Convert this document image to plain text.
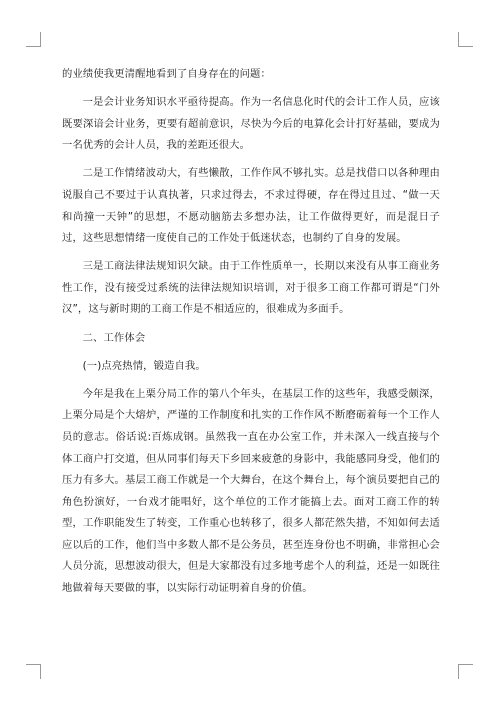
的业绩使我更清醒地看到了自身存在的问题：

一是会计业务知识水平亟待提高。作为一名信息化时代的会计工作人员，应该既要深谙会计业务，更要有超前意识，尽快为今后的电算化会计打好基础，要成为一名优秀的会计人员，我的差距还很大。

二是工作情绪波动大，有些懒散，工作作风不够扎实。总是找借口以各种理由说服自己不要过于认真执著，只求过得去，不求过得硬，存在得过且过、“做一天和尚撞一天钟”的思想，不愿动脑筋去多想办法，让工作做得更好，而是混日子过，这些思想情绪一度使自己的工作处于低迷状态，也制约了自身的发展。

三是工商法律法规知识欠缺。由于工作性质单一，长期以来没有从事工商业务性工作，没有接受过系统的法律法规知识培训，对于很多工商工作都可谓是“门外汉”，这与新时期的工商工作是不相适应的，很难成为多面手。

二、工作体会

(一)点亮热情，锻造自我。

今年是我在上栗分局工作的第八个年头，在基层工作的这些年，我感受颇深，上栗分局是个大熔炉，严谨的工作制度和扎实的工作作风不断磨砺着每一个工作人员的意志。俗话说:百炼成钢。虽然我一直在办公室工作，并未深入一线直接与个体工商户打交道，但从同事们每天下乡回来疲惫的身影中，我能感同身受，他们的压力有多大。基层工商工作就是一个大舞台，在这个舞台上，每个演员要把自己的角色扮演好，一台戏才能唱好，这个单位的工作才能搞上去。面对工商工作的转型，工作职能发生了转变，工作重心也转移了，很多人都茫然失措，不知如何去适应以后的工作，他们当中多数人都不是公务员，甚至连身份也不明确，非常担心会人员分流，思想波动很大，但是大家都没有过多地考虑个人的利益，还是一如既往地做着每天要做的事，以实际行动证明着自身的价值。
